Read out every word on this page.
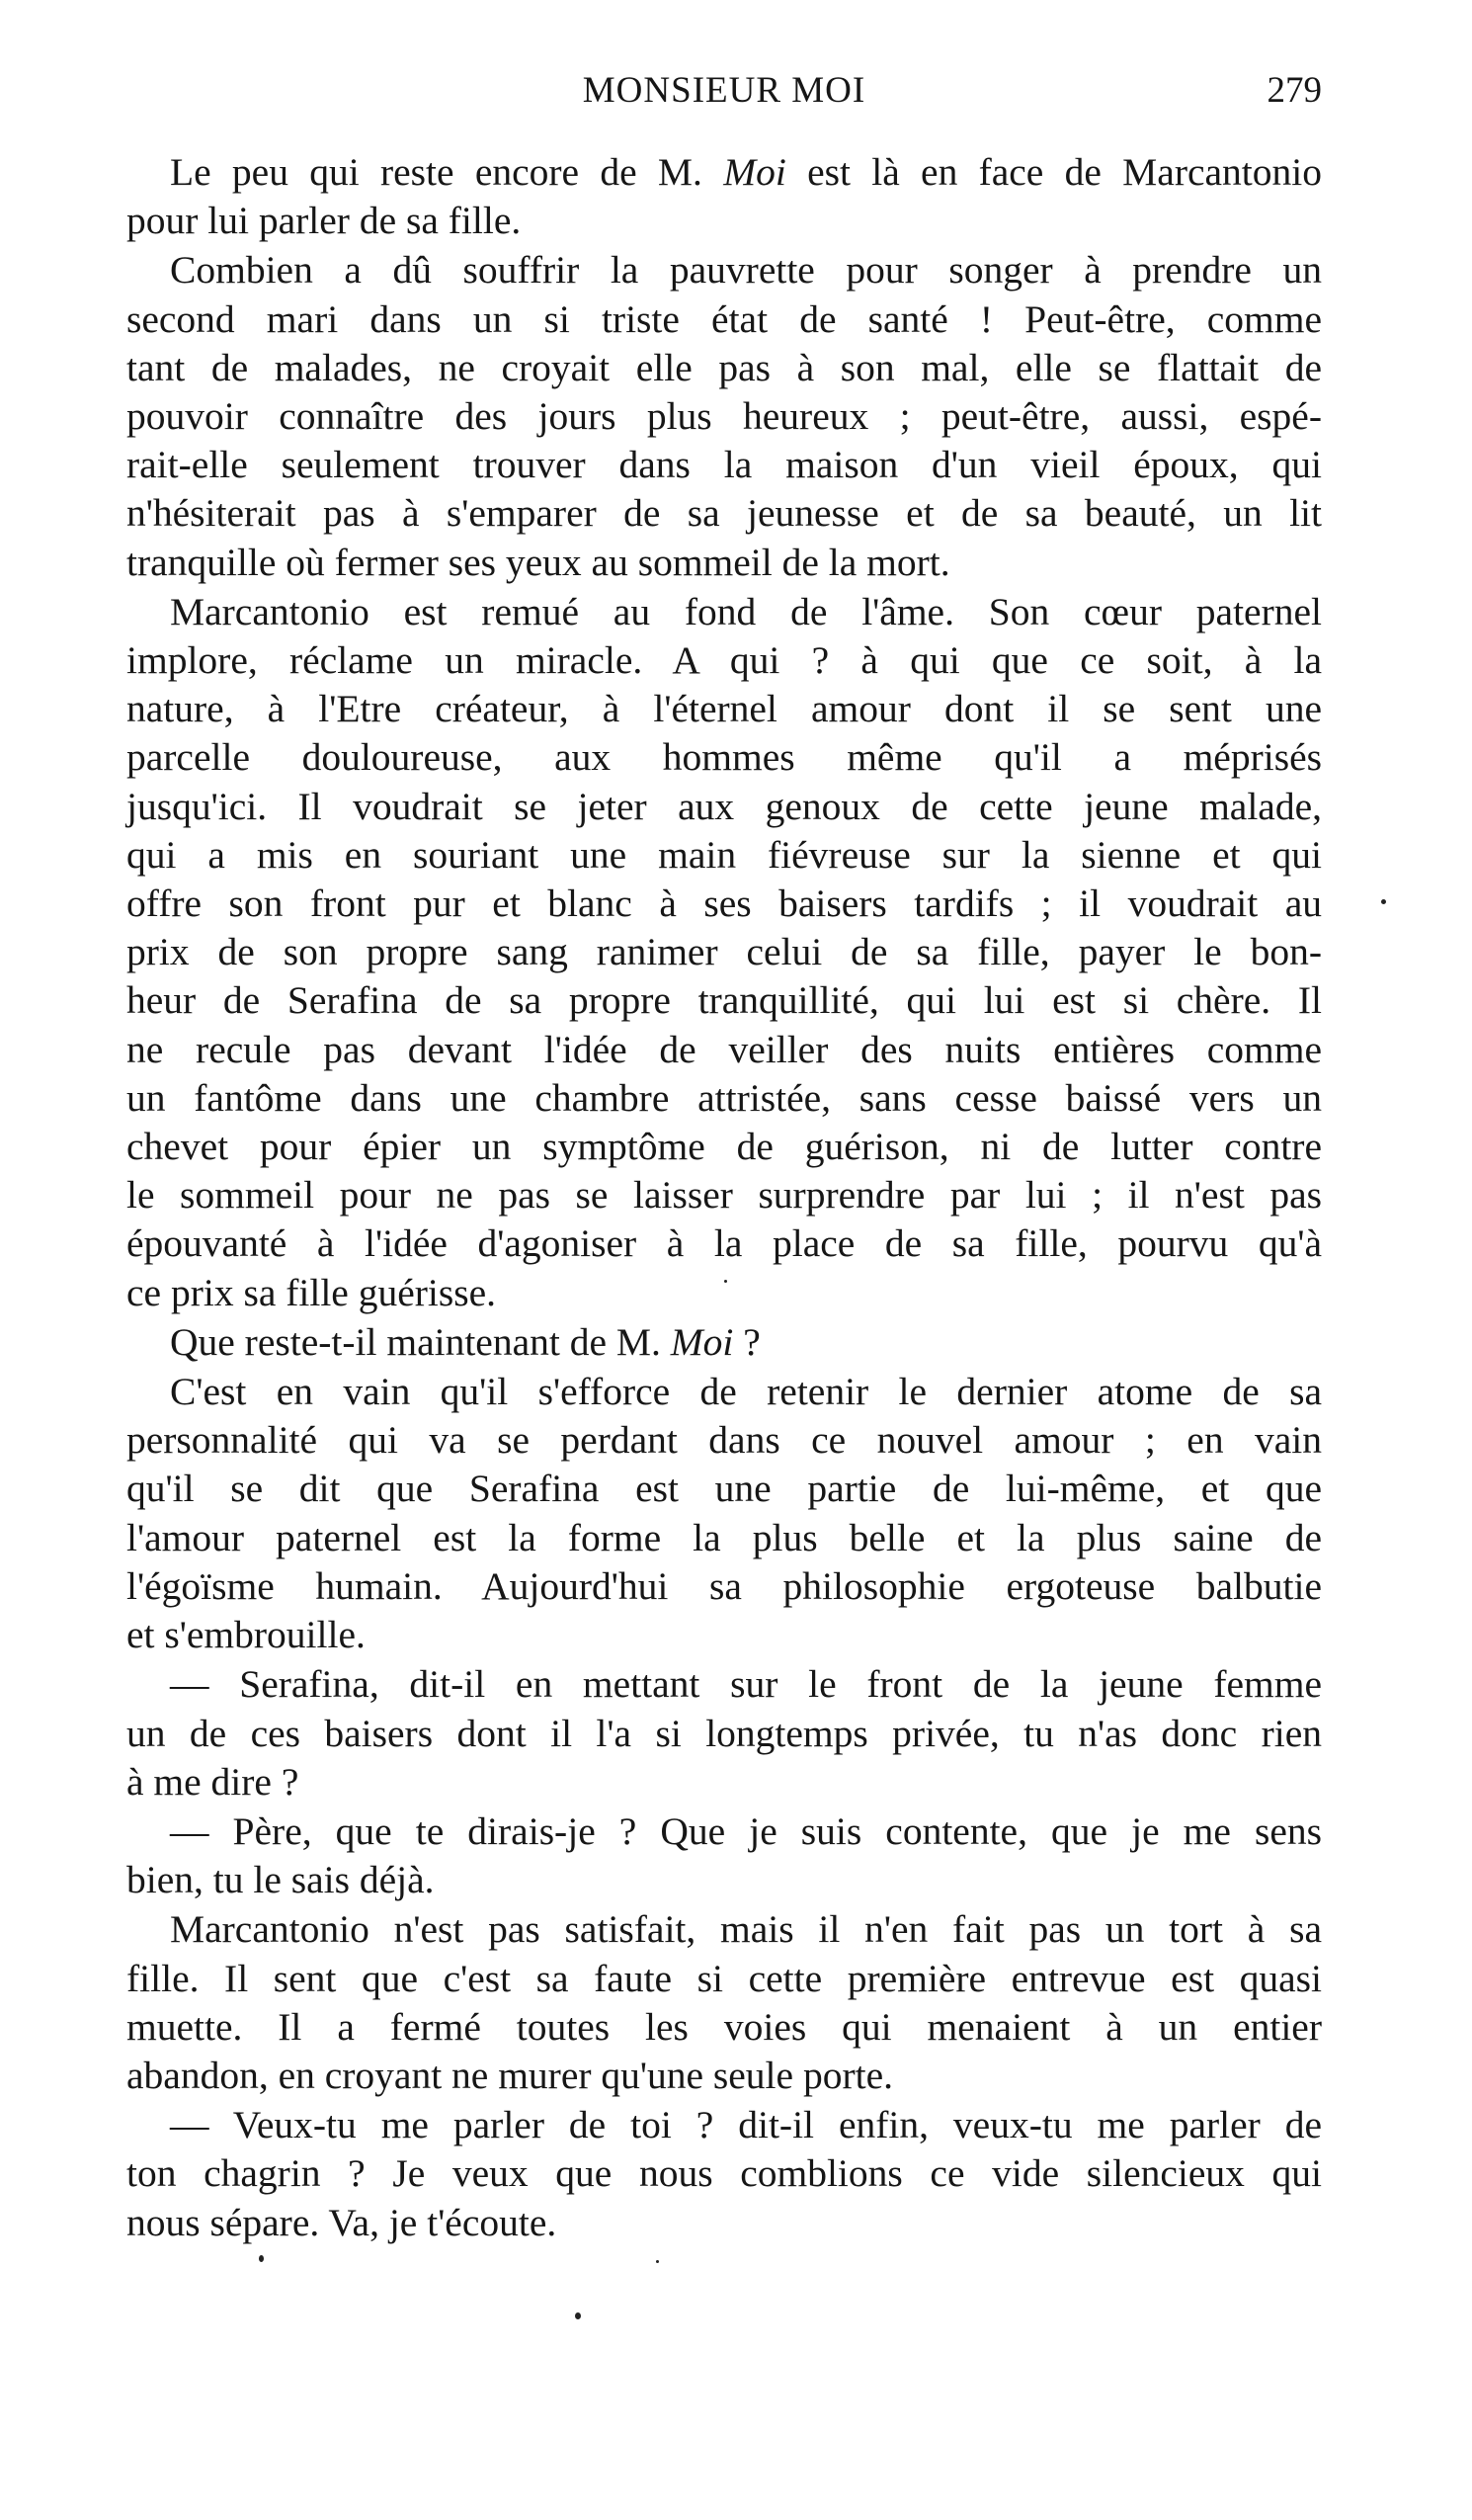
MONSIEUR MOI	279

Le peu qui reste encore de M. Moi est là en face de Marcantonio
pour lui parler de sa fille.

Combien a dû souffrir la pauvrette pour songer à prendre un
second mari dans un si triste état de santé ! Peut-être, comme
tant de malades, ne croyait elle pas à son mal, elle se flattait de
pouvoir connaître des jours plus heureux ; peut-être, aussi, espé-
rait-elle seulement trouver dans la maison d'un vieil époux, qui
n'hésiterait pas à s'emparer de sa jeunesse et de sa beauté, un lit
tranquille où fermer ses yeux au sommeil de la mort.

Marcantonio est remué au fond de l'âme. Son cœur paternel
implore, réclame un miracle. A qui ? à qui que ce soit, à la
nature, à l'Etre créateur, à l'éternel amour dont il se sent une
parcelle douloureuse, aux hommes même qu'il a méprisés
jusqu'ici. Il voudrait se jeter aux genoux de cette jeune malade,
qui a mis en souriant une main fiévreuse sur la sienne et qui
offre son front pur et blanc à ses baisers tardifs ; il voudrait au
prix de son propre sang ranimer celui de sa fille, payer le bon-
heur de Serafina de sa propre tranquillité, qui lui est si chère. Il
ne recule pas devant l'idée de veiller des nuits entières comme
un fantôme dans une chambre attristée, sans cesse baissé vers un
chevet pour épier un symptôme de guérison, ni de lutter contre
le sommeil pour ne pas se laisser surprendre par lui ; il n'est pas
épouvanté à l'idée d'agoniser à la place de sa fille, pourvu qu'à
ce prix sa fille guérisse.

Que reste-t-il maintenant de M. Moi ?

C'est en vain qu'il s'efforce de retenir le dernier atome de sa
personnalité qui va se perdant dans ce nouvel amour ; en vain
qu'il se dit que Serafina est une partie de lui-même, et que
l'amour paternel est la forme la plus belle et la plus saine de
l'égoïsme humain. Aujourd'hui sa philosophie ergoteuse balbutie
et s'embrouille.

— Serafina, dit-il en mettant sur le front de la jeune femme
un de ces baisers dont il l'a si longtemps privée, tu n'as donc rien
à me dire ?

— Père, que te dirais-je ? Que je suis contente, que je me sens
bien, tu le sais déjà.

Marcantonio n'est pas satisfait, mais il n'en fait pas un tort à sa
fille. Il sent que c'est sa faute si cette première entrevue est quasi
muette. Il a fermé toutes les voies qui menaient à un entier
abandon, en croyant ne murer qu'une seule porte.

— Veux-tu me parler de toi ? dit-il enfin, veux-tu me parler de
ton chagrin ? Je veux que nous comblions ce vide silencieux qui
nous sépare. Va, je t'écoute.
